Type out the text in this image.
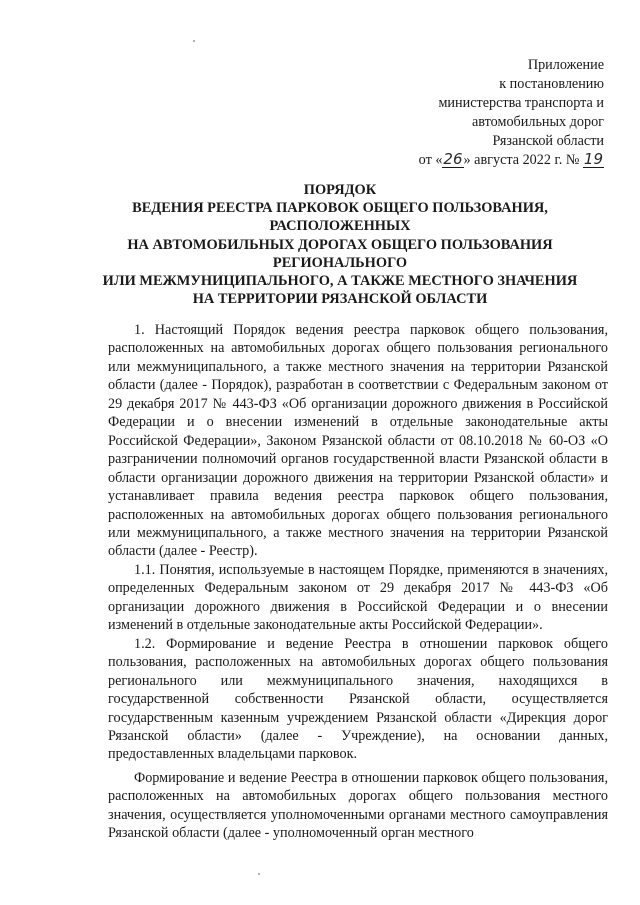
Приложение
к постановлению
министерства транспорта и
автомобильных дорог
Рязанской области
от «26» августа 2022 г. № 19
ПОРЯДОК
ВЕДЕНИЯ РЕЕСТРА ПАРКОВОК ОБЩЕГО ПОЛЬЗОВАНИЯ,
РАСПОЛОЖЕННЫХ
НА АВТОМОБИЛЬНЫХ ДОРОГАХ ОБЩЕГО ПОЛЬЗОВАНИЯ
РЕГИОНАЛЬНОГО
ИЛИ МЕЖМУНИЦИПАЛЬНОГО, А ТАКЖЕ МЕСТНОГО ЗНАЧЕНИЯ
НА ТЕРРИТОРИИ РЯЗАНСКОЙ ОБЛАСТИ

1. Настоящий Порядок ведения реестра парковок общего пользования, расположенных на автомобильных дорогах общего пользования регионального или межмуниципального, а также местного значения на территории Рязанской области (далее - Порядок), разработан в соответствии с Федеральным законом от 29 декабря 2017 № 443-ФЗ «Об организации дорожного движения в Российской Федерации и о внесении изменений в отдельные законодательные акты Российской Федерации», Законом Рязанской области от 08.10.2018 № 60-ОЗ «О разграничении полномочий органов государственной власти Рязанской области в области организации дорожного движения на территории Рязанской области» и устанавливает правила ведения реестра парковок общего пользования, расположенных на автомобильных дорогах общего пользования регионального или межмуниципального, а также местного значения на территории Рязанской области (далее - Реестр).

1.1. Понятия, используемые в настоящем Порядке, применяются в значениях, определенных Федеральным законом от 29 декабря 2017 № 443-ФЗ «Об организации дорожного движения в Российской Федерации и о внесении изменений в отдельные законодательные акты Российской Федерации».

1.2. Формирование и ведение Реестра в отношении парковок общего пользования, расположенных на автомобильных дорогах общего пользования регионального или межмуниципального значения, находящихся в государственной собственности Рязанской области, осуществляется государственным казенным учреждением Рязанской области «Дирекция дорог Рязанской области» (далее - Учреждение), на основании данных, предоставленных владельцами парковок.

Формирование и ведение Реестра в отношении парковок общего пользования, расположенных на автомобильных дорогах общего пользования местного значения, осуществляется уполномоченными органами местного самоуправления Рязанской области (далее - уполномоченный орган местного
